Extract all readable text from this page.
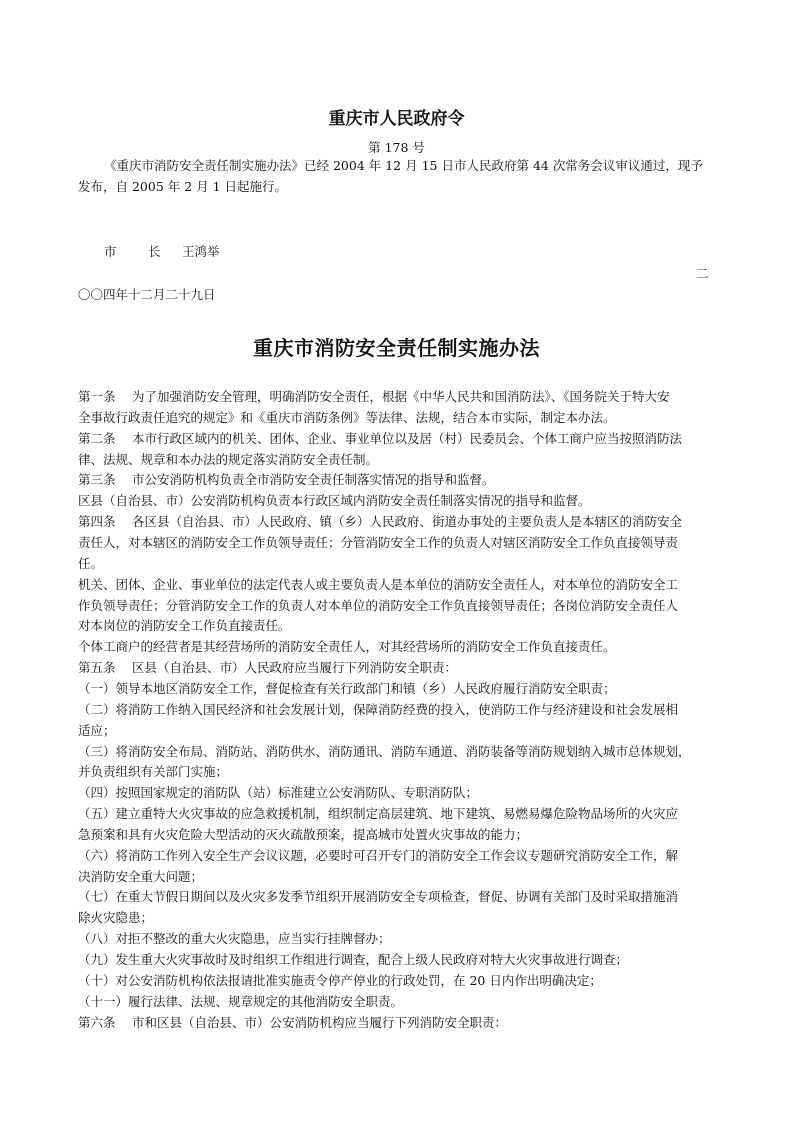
重庆市人民政府令
第 178 号
《重庆市消防安全责任制实施办法》已经 2004 年 12 月 15 日市人民政府第 44 次常务会议审议通过，现予
发布，自 2005 年 2 月 1 日起施行。
市	长 王鸿举
二
〇〇四年十二月二十九日
重庆市消防安全责任制实施办法
第一条　 为了加强消防安全管理，明确消防安全责任，根据《中华人民共和国消防法》、《国务院关于特大安
全事故行政责任追究的规定》和《重庆市消防条例》等法律、法规，结合本市实际，制定本办法。
第二条　 本市行政区域内的机关、团体、企业、事业单位以及居（村）民委员会、个体工商户应当按照消防法
律、法规、规章和本办法的规定落实消防安全责任制。
第三条　 市公安消防机构负责全市消防安全责任制落实情况的指导和监督。
区县（自治县、市）公安消防机构负责本行政区域内消防安全责任制落实情况的指导和监督。
第四条　 各区县（自治县、市）人民政府、镇（乡）人民政府、街道办事处的主要负责人是本辖区的消防安全
责任人，对本辖区的消防安全工作负领导责任；分管消防安全工作的负责人对辖区消防安全工作负直接领导责
任。
机关、团体、企业、事业单位的法定代表人或主要负责人是本单位的消防安全责任人，对本单位的消防安全工
作负领导责任；分管消防安全工作的负责人对本单位的消防安全工作负直接领导责任；各岗位消防安全责任人
对本岗位的消防安全工作负直接责任。
个体工商户的经营者是其经营场所的消防安全责任人，对其经营场所的消防安全工作负直接责任。
第五条　 区县（自治县、市）人民政府应当履行下列消防安全职责：
（一）领导本地区消防安全工作，督促检查有关行政部门和镇（乡）人民政府履行消防安全职责；
（二）将消防工作纳入国民经济和社会发展计划，保障消防经费的投入，使消防工作与经济建设和社会发展相
适应；
（三）将消防安全布局、消防站、消防供水、消防通讯、消防车通道、消防装备等消防规划纳入城市总体规划，
并负责组织有关部门实施；
（四）按照国家规定的消防队（站）标准建立公安消防队、专职消防队；
（五）建立重特大火灾事故的应急救援机制，组织制定高层建筑、地下建筑、易燃易爆危险物品场所的火灾应
急预案和具有火灾危险大型活动的灭火疏散预案，提高城市处置火灾事故的能力；
（六）将消防工作列入安全生产会议议题，必要时可召开专门的消防安全工作会议专题研究消防安全工作，解
决消防安全重大问题；
（七）在重大节假日期间以及火灾多发季节组织开展消防安全专项检查，督促、协调有关部门及时采取措施消
除火灾隐患；
（八）对拒不整改的重大火灾隐患，应当实行挂牌督办；
（九）发生重大火灾事故时及时组织工作组进行调查，配合上级人民政府对特大火灾事故进行调查；
（十）对公安消防机构依法报请批准实施责令停产停业的行政处罚，在 20 日内作出明确决定；
（十一）履行法律、法规、规章规定的其他消防安全职责。
第六条　 市和区县（自治县、市）公安消防机构应当履行下列消防安全职责：
